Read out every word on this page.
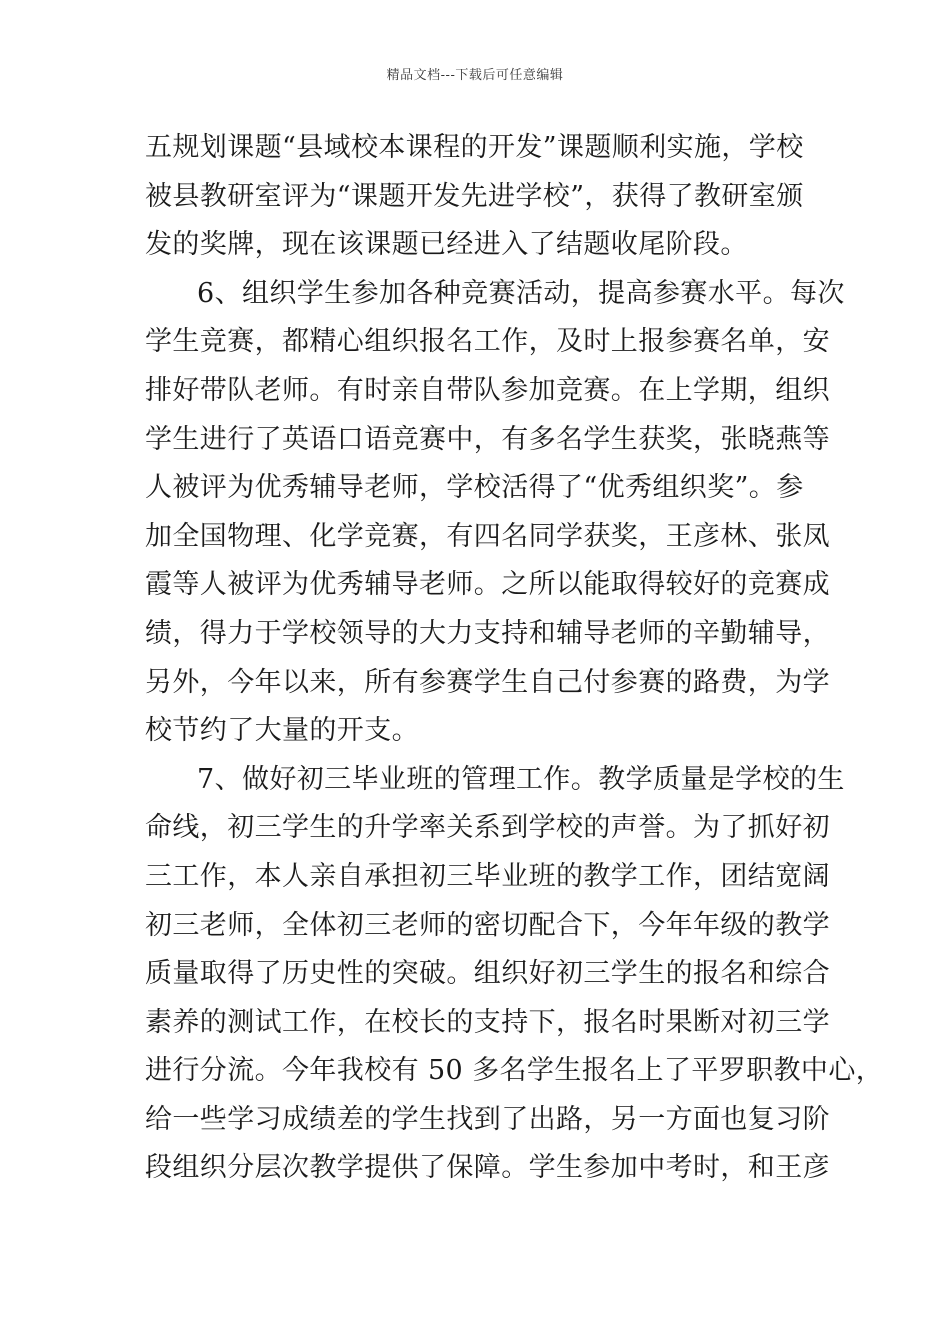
精品文档---下载后可任意编辑
五规划课题“县域校本课程的开发”课题顺利实施，学校
被县教研室评为“课题开发先进学校”，获得了教研室颁
发的奖牌，现在该课题已经进入了结题收尾阶段。
6、组织学生参加各种竞赛活动，提高参赛水平。每次
学生竞赛，都精心组织报名工作，及时上报参赛名单，安
排好带队老师。有时亲自带队参加竞赛。在上学期，组织
学生进行了英语口语竞赛中，有多名学生获奖，张晓燕等
人被评为优秀辅导老师，学校活得了“优秀组织奖”。参
加全国物理、化学竞赛，有四名同学获奖，王彦林、张凤
霞等人被评为优秀辅导老师。之所以能取得较好的竞赛成
绩，得力于学校领导的大力支持和辅导老师的辛勤辅导，
另外，今年以来，所有参赛学生自己付参赛的路费，为学
校节约了大量的开支。
7、做好初三毕业班的管理工作。教学质量是学校的生
命线，初三学生的升学率关系到学校的声誉。为了抓好初
三工作，本人亲自承担初三毕业班的教学工作，团结宽阔
初三老师，全体初三老师的密切配合下，今年年级的教学
质量取得了历史性的突破。组织好初三学生的报名和综合
素养的测试工作，在校长的支持下，报名时果断对初三学
进行分流。今年我校有 50 多名学生报名上了平罗职教中心，
给一些学习成绩差的学生找到了出路，另一方面也复习阶
段组织分层次教学提供了保障。学生参加中考时，和王彦
